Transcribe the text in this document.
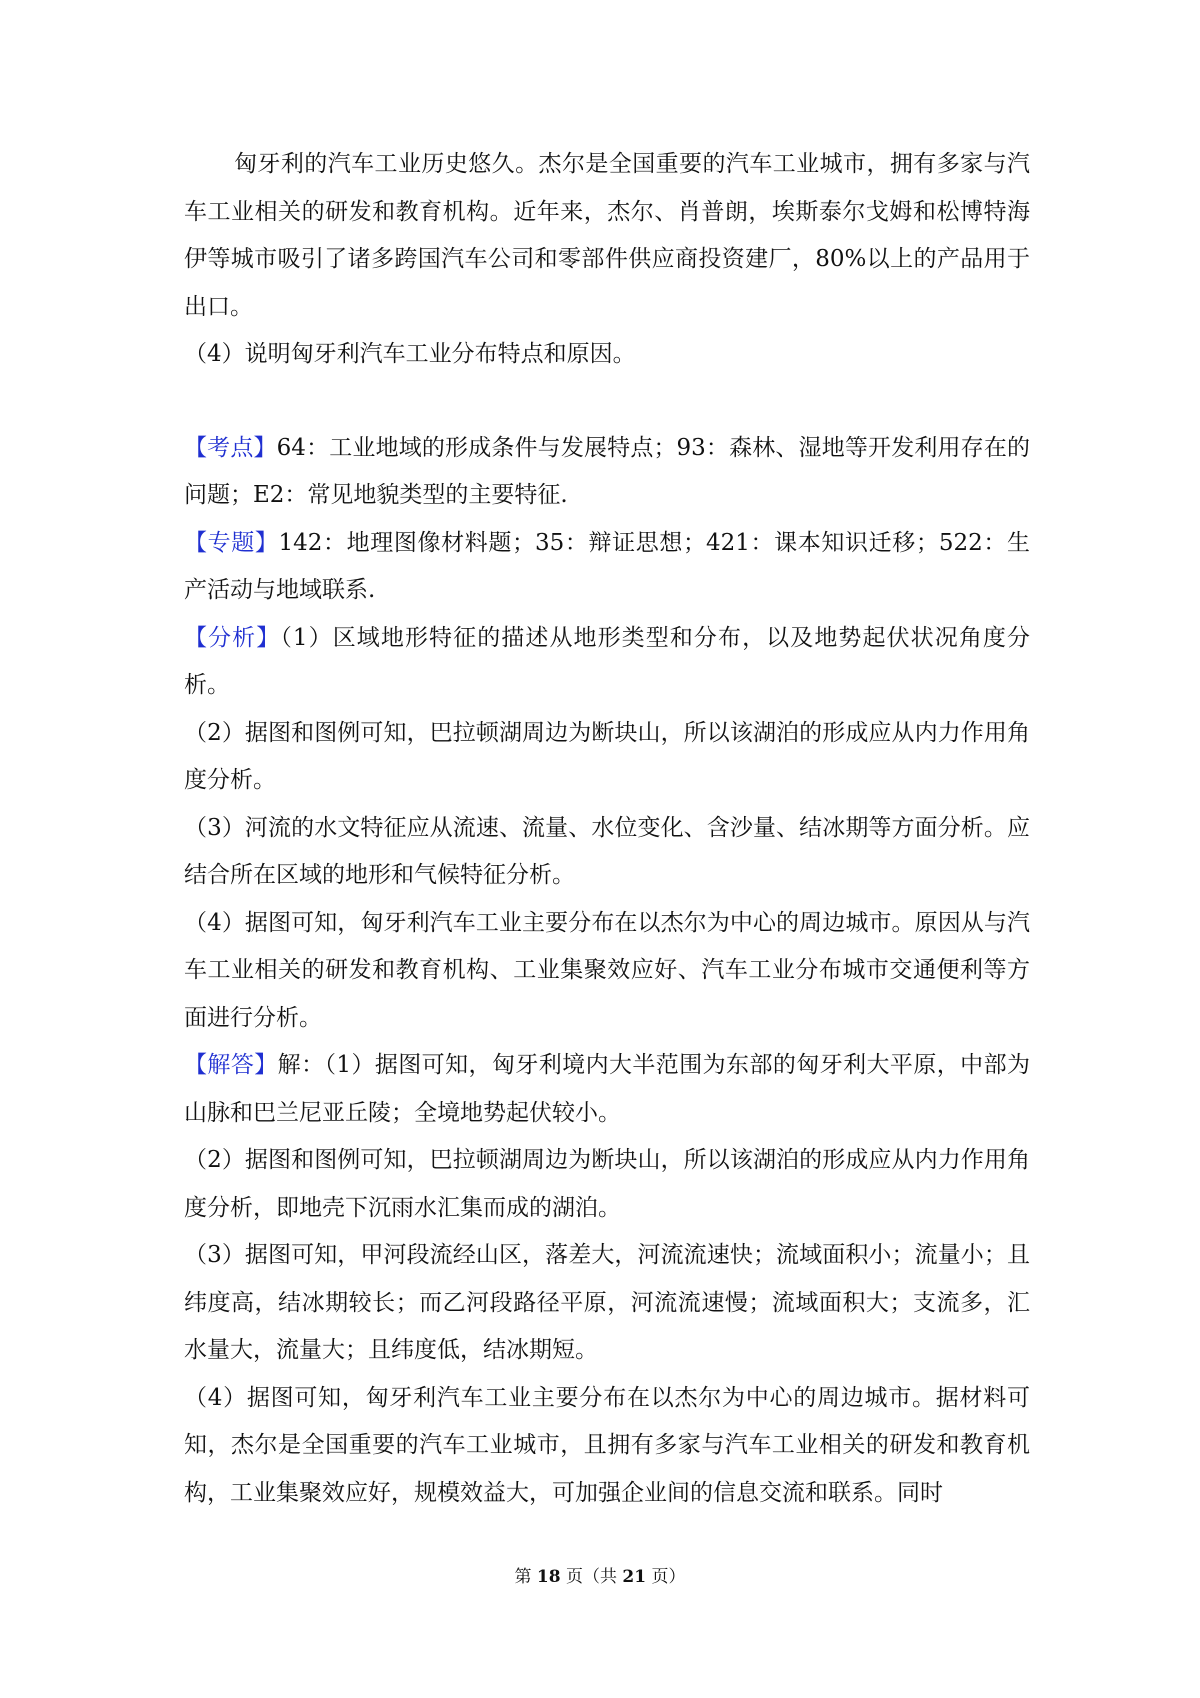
匈牙利的汽车工业历史悠久。杰尔是全国重要的汽车工业城市，拥有多家与汽车工业相关的研发和教育机构。近年来，杰尔、肖普朗，埃斯泰尔戈姆和松博特海伊等城市吸引了诸多跨国汽车公司和零部件供应商投资建厂，80%以上的产品用于出口。

（4）说明匈牙利汽车工业分布特点和原因。

【考点】64：工业地域的形成条件与发展特点；93：森林、湿地等开发利用存在的问题；E2：常见地貌类型的主要特征.

【专题】142：地理图像材料题；35：辩证思想；421：课本知识迁移；522：生产活动与地域联系.

【分析】（1）区域地形特征的描述从地形类型和分布，以及地势起伏状况角度分析。

（2）据图和图例可知，巴拉顿湖周边为断块山，所以该湖泊的形成应从内力作用角度分析。

（3）河流的水文特征应从流速、流量、水位变化、含沙量、结冰期等方面分析。应结合所在区域的地形和气候特征分析。

（4）据图可知，匈牙利汽车工业主要分布在以杰尔为中心的周边城市。原因从与汽车工业相关的研发和教育机构、工业集聚效应好、汽车工业分布城市交通便利等方面进行分析。

【解答】解：（1）据图可知，匈牙利境内大半范围为东部的匈牙利大平原，中部为山脉和巴兰尼亚丘陵；全境地势起伏较小。

（2）据图和图例可知，巴拉顿湖周边为断块山，所以该湖泊的形成应从内力作用角度分析，即地壳下沉雨水汇集而成的湖泊。

（3）据图可知，甲河段流经山区，落差大，河流流速快；流域面积小；流量小；且纬度高，结冰期较长；而乙河段路径平原，河流流速慢；流域面积大；支流多，汇水量大，流量大；且纬度低，结冰期短。

（4）据图可知，匈牙利汽车工业主要分布在以杰尔为中心的周边城市。据材料可知，杰尔是全国重要的汽车工业城市，且拥有多家与汽车工业相关的研发和教育机构，工业集聚效应好，规模效益大，可加强企业间的信息交流和联系。同时

第 18 页（共 21 页）
